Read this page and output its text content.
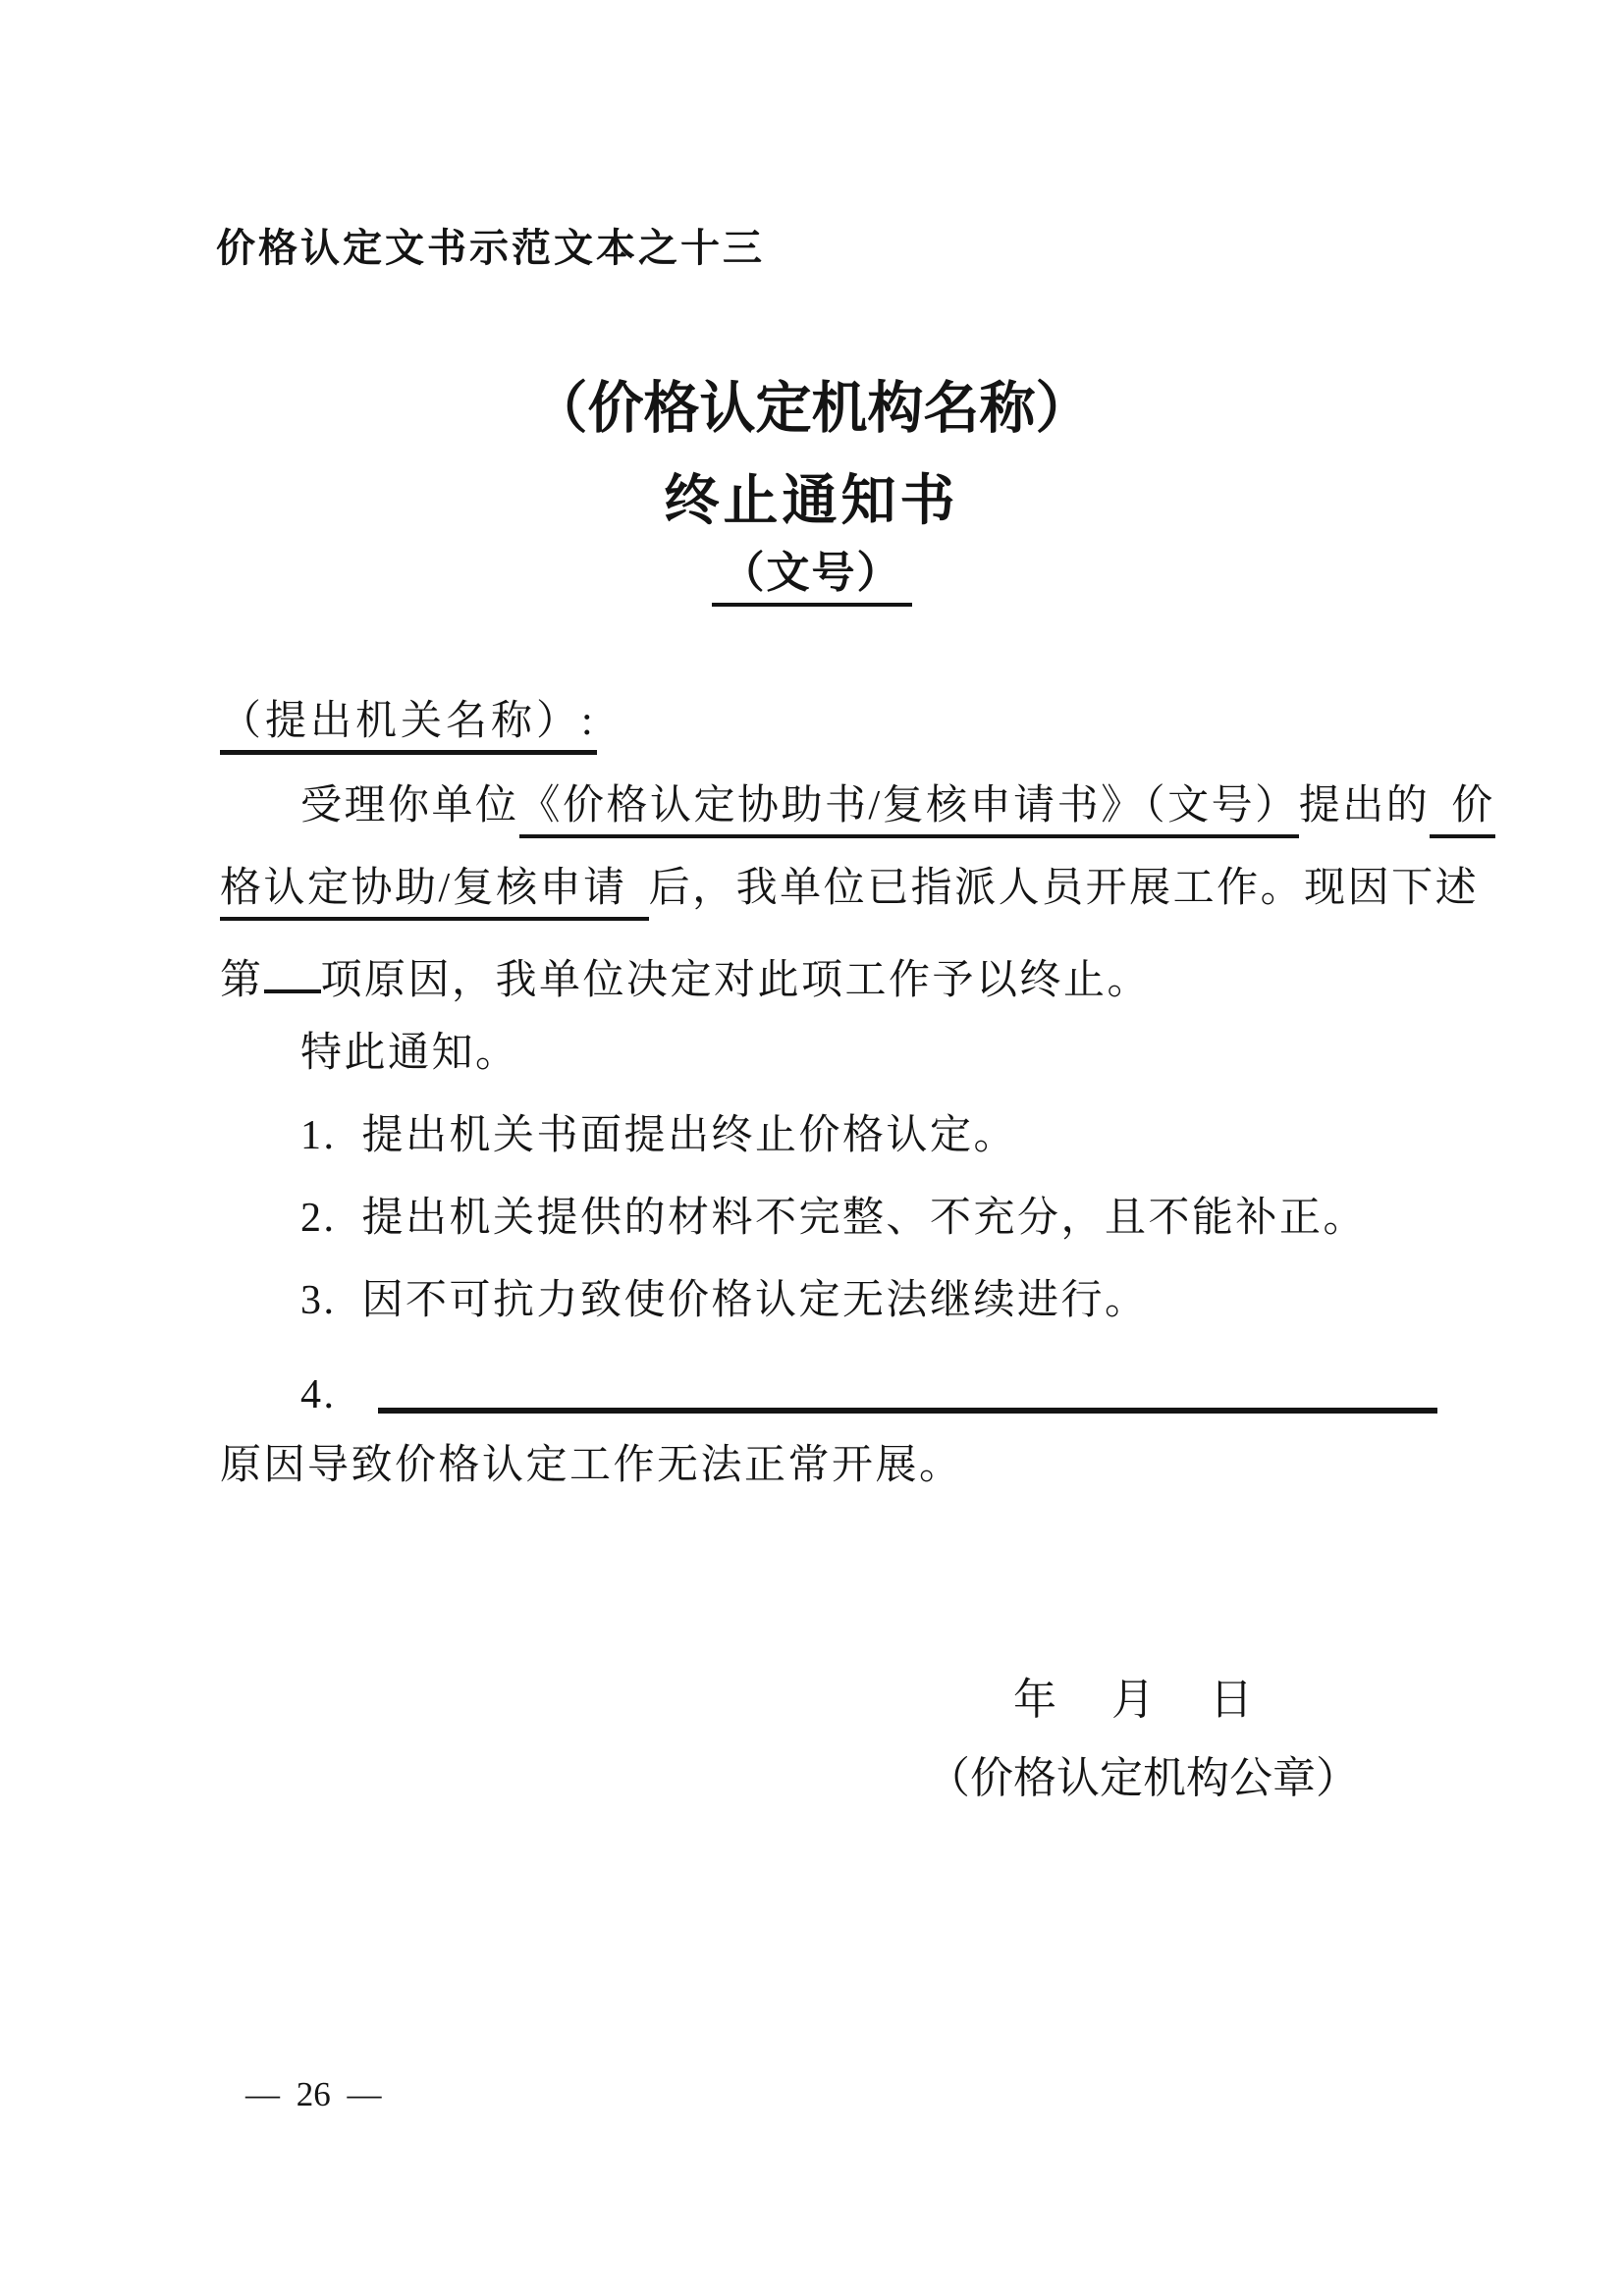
价格认定文书示范文本之十三
（价格认定机构名称）
终止通知书
（文号）
（提出机关名称）:
受理你单位《价格认定协助书/复核申请书》（文号）提出的 价
格认定协助/复核申请 后，我单位已指派人员开展工作。现因下述
第 项原因，我单位决定对此项工作予以终止。
特此通知。
1. 提出机关书面提出终止价格认定。
2. 提出机关提供的材料不完整、不充分，且不能补正。
3. 因不可抗力致使价格认定无法继续进行。
4.
原因导致价格认定工作无法正常开展。
年　月　日
（价格认定机构公章）
— 26 —
